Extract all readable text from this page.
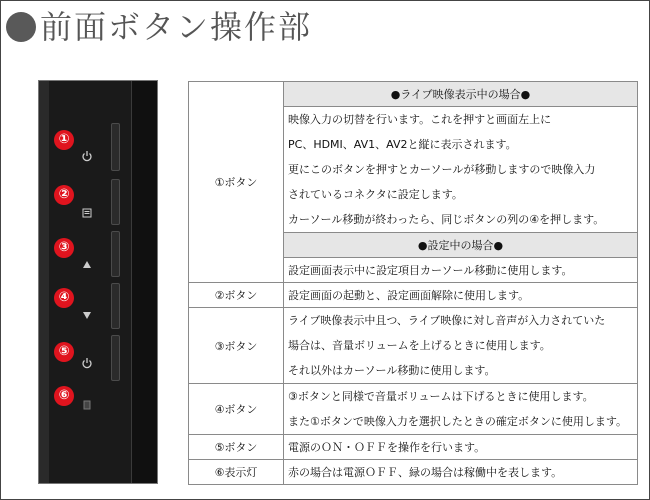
前面ボタン操作部
①
②
③
④
⑤
⑥
①ボタン	●ライブ映像表示中の場合●

	映像入力の切替を行います。これを押すと画面左上に
PC、HDMI、AV1、AV2と縦に表示されます。
更にこのボタンを押すとカーソールが移動しますので映像入力
されているコネクタに設定します。
カーソール移動が終わったら、同じボタンの列の④を押します。

	●設定中の場合●
	設定画面表示中に設定項目カーソール移動に使用します。
②ボタン	設定画面の起動と、設定画面解除に使用します。
③ボタン	ライブ映像表示中且つ、ライブ映像に対し音声が入力されていた
場合は、音量ボリュームを上げるときに使用します。
それ以外はカーソール移動に使用します。

④ボタン	③ボタンと同様で音量ボリュームは下げるときに使用します。
また①ボタンで映像入力を選択したときの確定ボタンに使用します。

⑤ボタン	電源のＯＮ・ＯＦＦを操作を行います。
⑥表示灯	赤の場合は電源ＯＦＦ、緑の場合は稼働中を表します。
